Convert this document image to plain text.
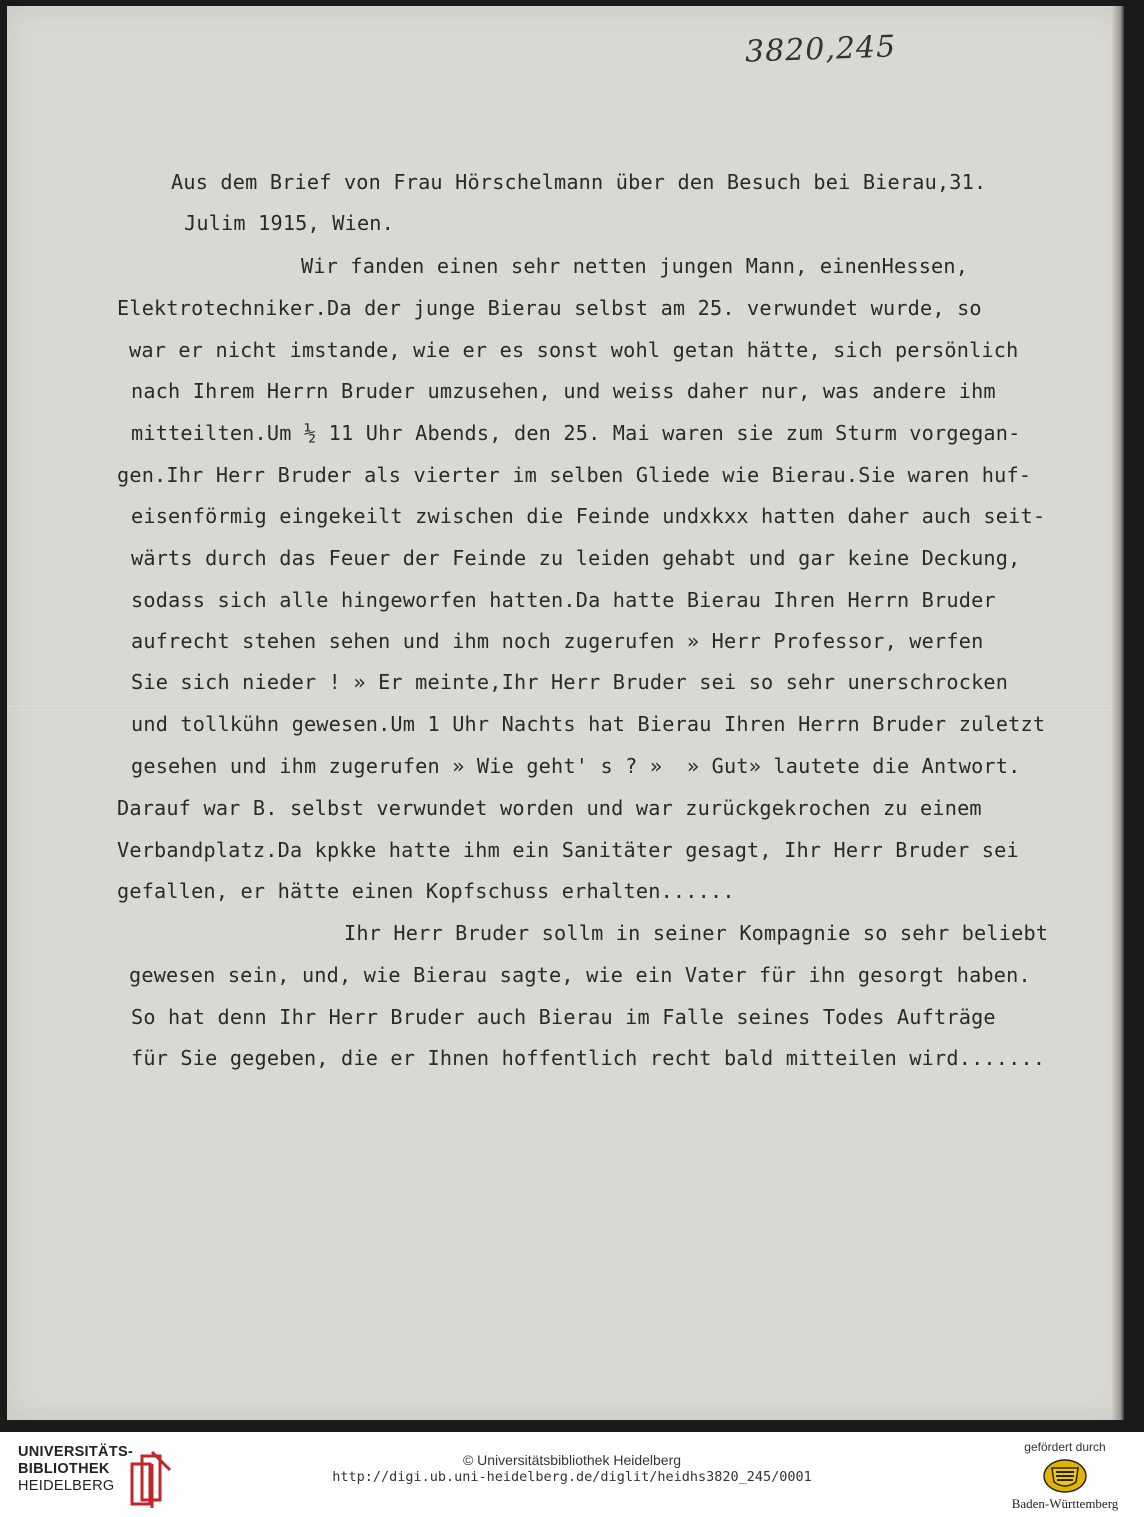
3820,245

Aus dem Brief von Frau Hörschelmann über den Besuch bei Bierau,31.

Julim 1915, Wien.

Wir fanden einen sehr netten jungen Mann, einenHessen,

Elektrotechniker.Da der junge Bierau selbst am 25. verwundet wurde, so

war er nicht imstande, wie er es sonst wohl getan hätte, sich persönlich

nach Ihrem Herrn Bruder umzusehen, und weiss daher nur, was andere ihm

mitteilten.Um ½ 11 Uhr Abends, den 25. Mai waren sie zum Sturm vorgegan-

gen.Ihr Herr Bruder als vierter im selben Gliede wie Bierau.Sie waren huf-

eisenförmig eingekeilt zwischen die Feinde undxkxx hatten daher auch seit-

wärts durch das Feuer der Feinde zu leiden gehabt und gar keine Deckung,

sodass sich alle hingeworfen hatten.Da hatte Bierau Ihren Herrn Bruder

aufrecht stehen sehen und ihm noch zugerufen » Herr Professor, werfen

Sie sich nieder ! » Er meinte,Ihr Herr Bruder sei so sehr unerschrocken

und tollkühn gewesen.Um 1 Uhr Nachts hat Bierau Ihren Herrn Bruder zuletzt

gesehen und ihm zugerufen » Wie geht' s ? »  » Gut» lautete die Antwort.

Darauf war B. selbst verwundet worden und war zurückgekrochen zu einem

Verbandplatz.Da kpkke hatte ihm ein Sanitäter gesagt, Ihr Herr Bruder sei

gefallen, er hätte einen Kopfschuss erhalten......

Ihr Herr Bruder sollm in seiner Kompagnie so sehr beliebt

gewesen sein, und, wie Bierau sagte, wie ein Vater für ihn gesorgt haben.

So hat denn Ihr Herr Bruder auch Bierau im Falle seines Todes Aufträge

für Sie gegeben, die er Ihnen hoffentlich recht bald mitteilen wird.......

UNIVERSITÄTS-
BIBLIOTHEK
HEIDELBERG
© Universitätsbibliothek Heidelberg
http://digi.ub.uni-heidelberg.de/diglit/heidhs3820_245/0001
gefördert durch
Baden-Württemberg
